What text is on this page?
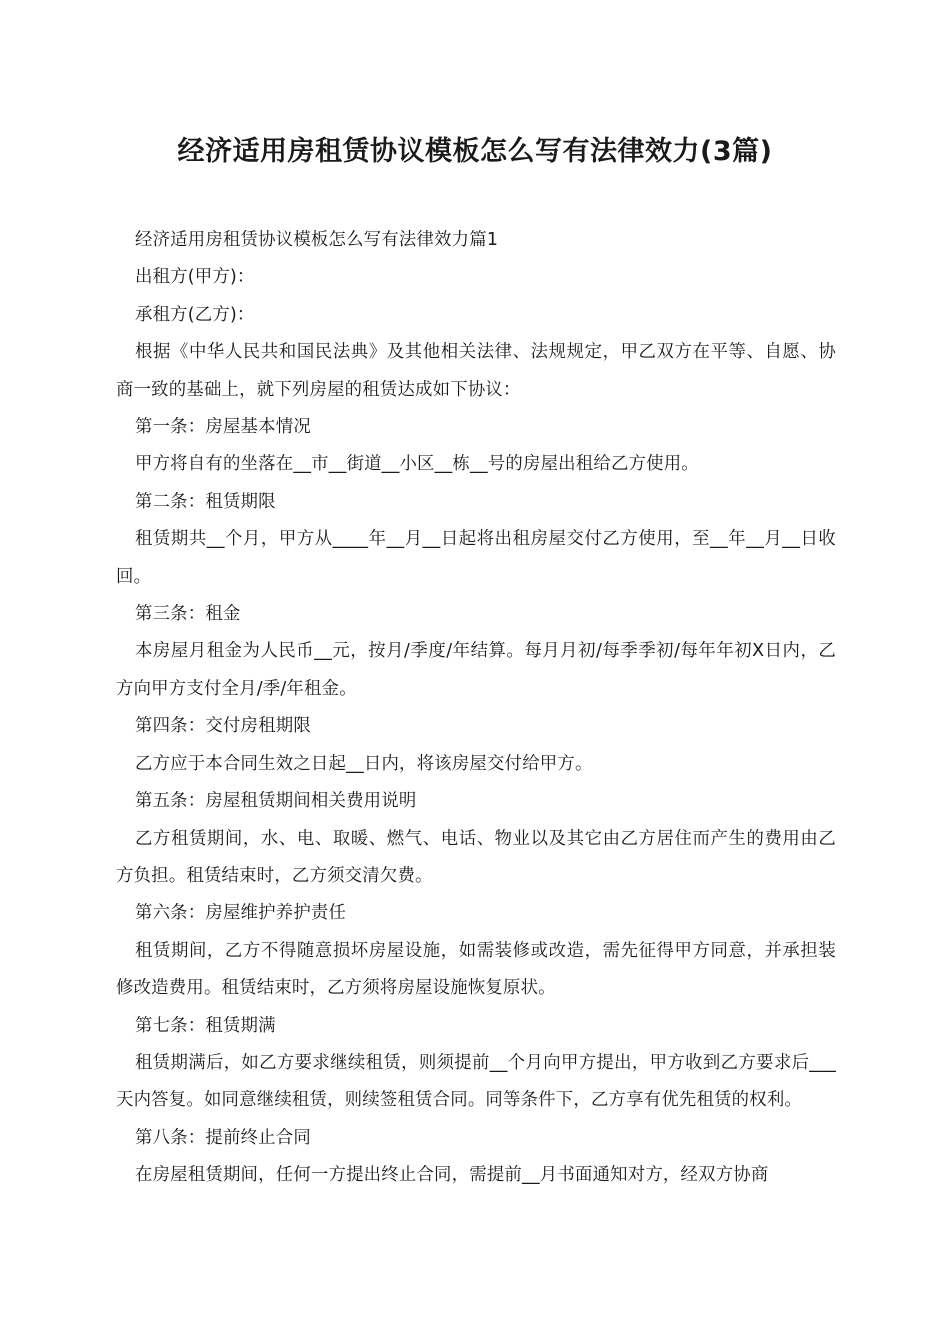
经济适用房租赁协议模板怎么写有法律效力(3篇)

经济适用房租赁协议模板怎么写有法律效力篇1

出租方(甲方)：

承租方(乙方)：

根据《中华人民共和国民法典》及其他相关法律、法规规定，甲乙双方在平等、自愿、协商一致的基础上，就下列房屋的租赁达成如下协议：

第一条：房屋基本情况

甲方将自有的坐落在__市__街道__小区__栋__号的房屋出租给乙方使用。

第二条：租赁期限

租赁期共__个月，甲方从____年__月__日起将出租房屋交付乙方使用，至__年__月__日收回。

第三条：租金

本房屋月租金为人民币__元，按月/季度/年结算。每月月初/每季季初/每年年初X日内，乙方向甲方支付全月/季/年租金。

第四条：交付房租期限

乙方应于本合同生效之日起__日内，将该房屋交付给甲方。

第五条：房屋租赁期间相关费用说明

乙方租赁期间，水、电、取暖、燃气、电话、物业以及其它由乙方居住而产生的费用由乙方负担。租赁结束时，乙方须交清欠费。

第六条：房屋维护养护责任

租赁期间，乙方不得随意损坏房屋设施，如需装修或改造，需先征得甲方同意，并承担装修改造费用。租赁结束时，乙方须将房屋设施恢复原状。

第七条：租赁期满

租赁期满后，如乙方要求继续租赁，则须提前__个月向甲方提出，甲方收到乙方要求后___天内答复。如同意继续租赁，则续签租赁合同。同等条件下，乙方享有优先租赁的权利。

第八条：提前终止合同

在房屋租赁期间，任何一方提出终止合同，需提前__月书面通知对方，经双方协商
